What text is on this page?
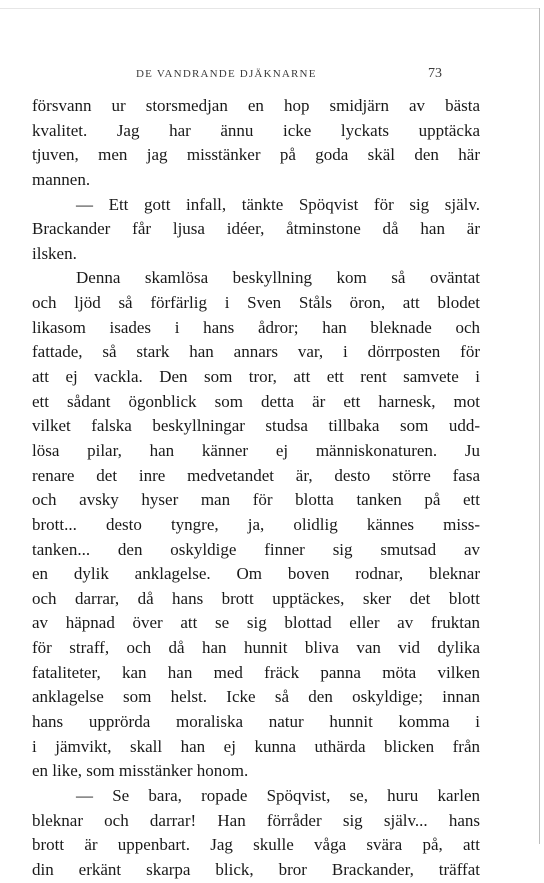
DE VANDRANDE DJÄKNARNE	73
försvann ur storsmedjan en hop smidjärn av bästa
kvalitet. Jag har ännu icke lyckats upptäcka
tjuven, men jag misstänker på goda skäl den här
mannen.
— Ett gott infall, tänkte Spöqvist för sig själv.
Brackander får ljusa idéer, åtminstone då han är
ilsken.
Denna skamlösa beskyllning kom så oväntat
och ljöd så förfärlig i Sven Ståls öron, att blodet
likasom isades i hans ådror; han bleknade och
fattade, så stark han annars var, i dörrposten för
att ej vackla. Den som tror, att ett rent samvete i
ett sådant ögonblick som detta är ett harnesk, mot
vilket falska beskyllningar studsa tillbaka som udd-
lösa pilar, han känner ej människonaturen. Ju
renare det inre medvetandet är, desto större fasa
och avsky hyser man för blotta tanken på ett
brott... desto tyngre, ja, olidlig kännes miss-
tanken... den oskyldige finner sig smutsad av
en dylik anklagelse. Om boven rodnar, bleknar
och darrar, då hans brott upptäckes, sker det blott
av häpnad över att se sig blottad eller av fruktan
för straff, och då han hunnit bliva van vid dylika
fataliteter, kan han med fräck panna möta vilken
anklagelse som helst. Icke så den oskyldige; innan
hans upprörda moraliska natur hunnit komma i
i jämvikt, skall han ej kunna uthärda blicken från
en like, som misstänker honom.
— Se bara, ropade Spöqvist, se, huru karlen
bleknar och darrar! Han förråder sig själv... hans
brott är uppenbart. Jag skulle våga svära på, att
din erkänt skarpa blick, bror Brackander, träffat
